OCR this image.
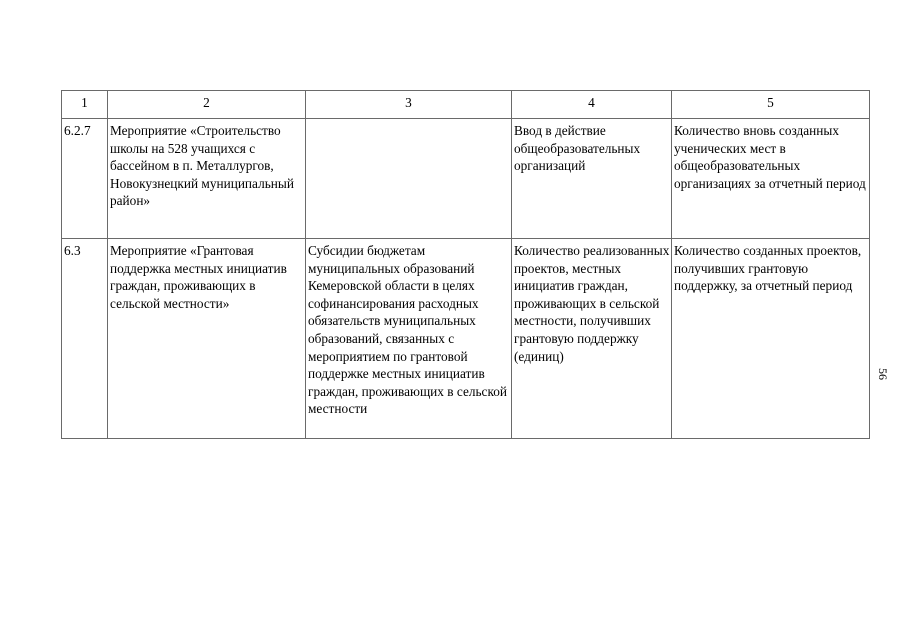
1	2	3	4	5
6.2.7	Мероприятие «Строительство школы на 528 учащихся с бассейном в п. Металлургов, Новокузнецкий муниципальный район»		Ввод в действие общеобразовательных организаций	Количество вновь созданных ученических мест в общеобразовательных организациях за отчетный период
6.3	Мероприятие «Грантовая поддержка местных инициатив граждан, проживающих в сельской местности»	Субсидии бюджетам муниципальных образований Кемеровской области в целях софинансирования расходных обязательств муниципальных образований, связанных с мероприятием по грантовой поддержке местных инициатив граждан, проживающих в сельской местности	Количество реализованных проектов, местных инициатив граждан, проживающих в сельской местности, получивших грантовую поддержку (единиц)	Количество созданных проектов, получивших грантовую поддержку, за отчетный период
56
